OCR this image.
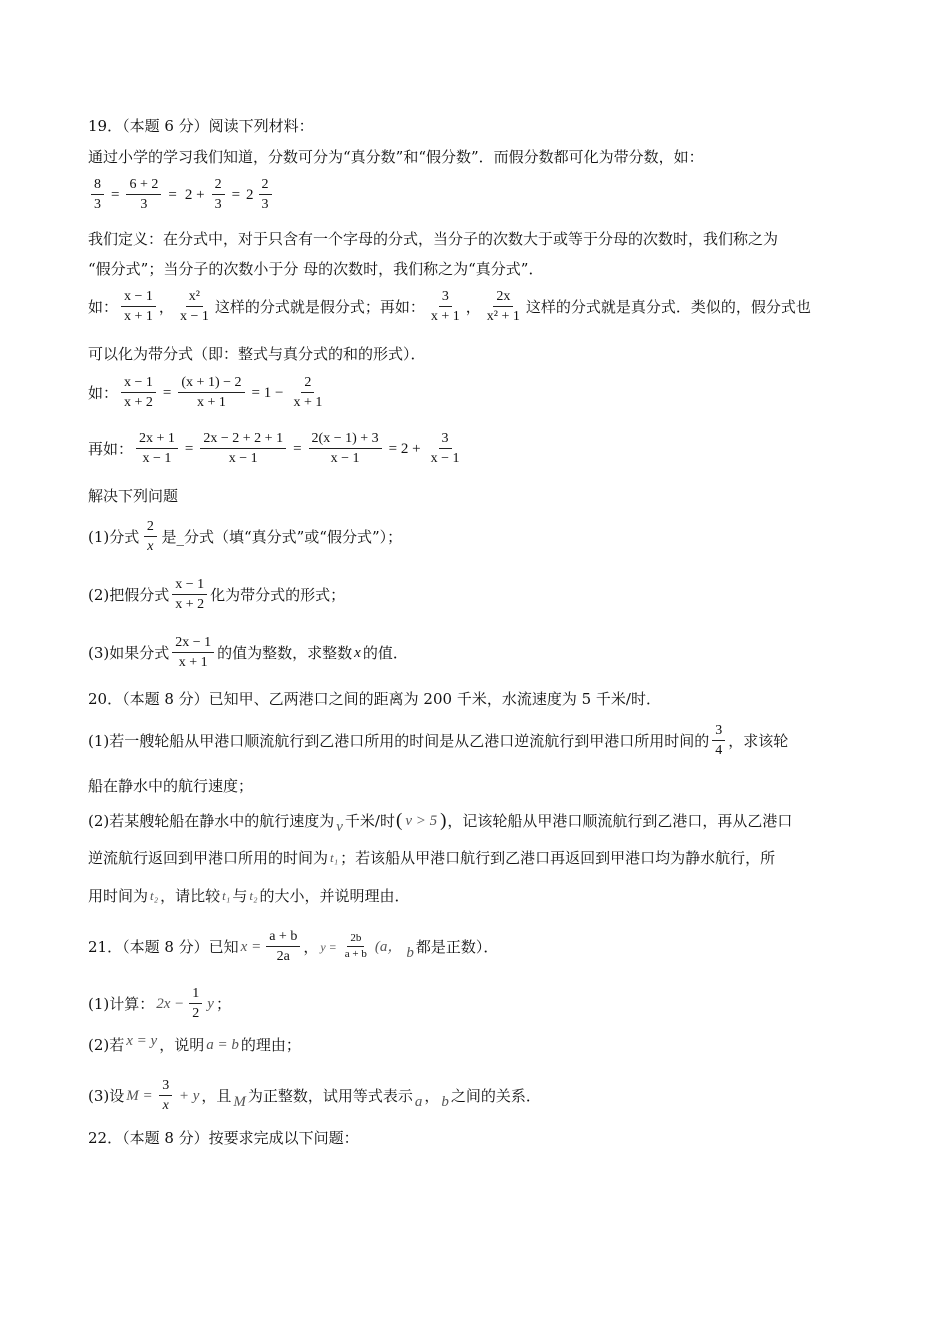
19．（本题 6 分）阅读下列材料：
通过小学的学习我们知道，分数可分为“真分数”和“假分数”．而假分数都可化为带分数，如：
$\frac{8}{3} = \frac{6 + 2}{3} = 2 + \frac{2}{3} = 2 \frac{2}{3}$
我们定义：在分式中，对于只含有一个字母的分式，当分子的次数大于或等于分母的次数时，我们称之为
“假分式”；当分子的次数小于分 母的次数时，我们称之为“真分式”．
如： $\frac{x - 1}{x + 1}$ ， $\frac{\text{x²}}{x - 1}$ 这样的分式就是假分式；再如： $\frac{3}{x + 1}$ ， $\frac{2x}{\text{x² + 1}}$ 这样的分式就是真分式．类似的，假分式也
可以化为带分式（即：整式与真分式的和的形式）．
如： $\frac{x - 1}{x + 2} = \frac{(x + 1) - 2}{x + 1} = 1 - \frac{2}{x + 1}$
再如： $\frac{2x + 1}{x - 1} = \frac{2x - 2 + 2 + 1}{x - 1} = \frac{2(x - 1) + 3}{x - 1} = 2 + \frac{3}{x - 1}$
解决下列问题
(1)分式 $\frac{2}{x}$ 是_分式（填“真分式”或“假分式”）；
(2)把假分式 $\frac{x - 1}{x + 2}$ 化为带分式的形式；
(3)如果分式 $\frac{2x - 1}{x + 1}$ 的值为整数，求整数 x 的值．
20．（本题 8 分）已知甲、乙两港口之间的距离为 200 千米，水流速度为 5 千米/时．
(1)若一艘轮船从甲港口顺流航行到乙港口所用的时间是从乙港口逆流航行到甲港口所用时间的 $\frac{3}{4}$ ，求该轮
船在静水中的航行速度；
(2)若某艘轮船在静水中的航行速度为 v 千米/时 ( v > 5 ) ，记该轮船从甲港口顺流航行到乙港口，再从乙港口
逆流航行返回到甲港口所用的时间为 t₁ ；若该船从甲港口航行到乙港口再返回到甲港口均为静水航行，所
用时间为 t₂ ，请比较 t₁ 与 t₂ 的大小，并说明理由．
21．（本题 8 分）已知 $x = \frac{a + b}{2a}$ ， $y = \frac{2b}{a + b} (a$， b 都是正数）．
(1)计算： $2x - \frac{1}{2}$ y ；
(2)若 x = y ，说明 a = b 的理由；
(3)设 $M = \frac{3}{x} + y$ ，且 M 为正整数，试用等式表示 a ， b 之间的关系．
22．（本题 8 分）按要求完成以下问题：
